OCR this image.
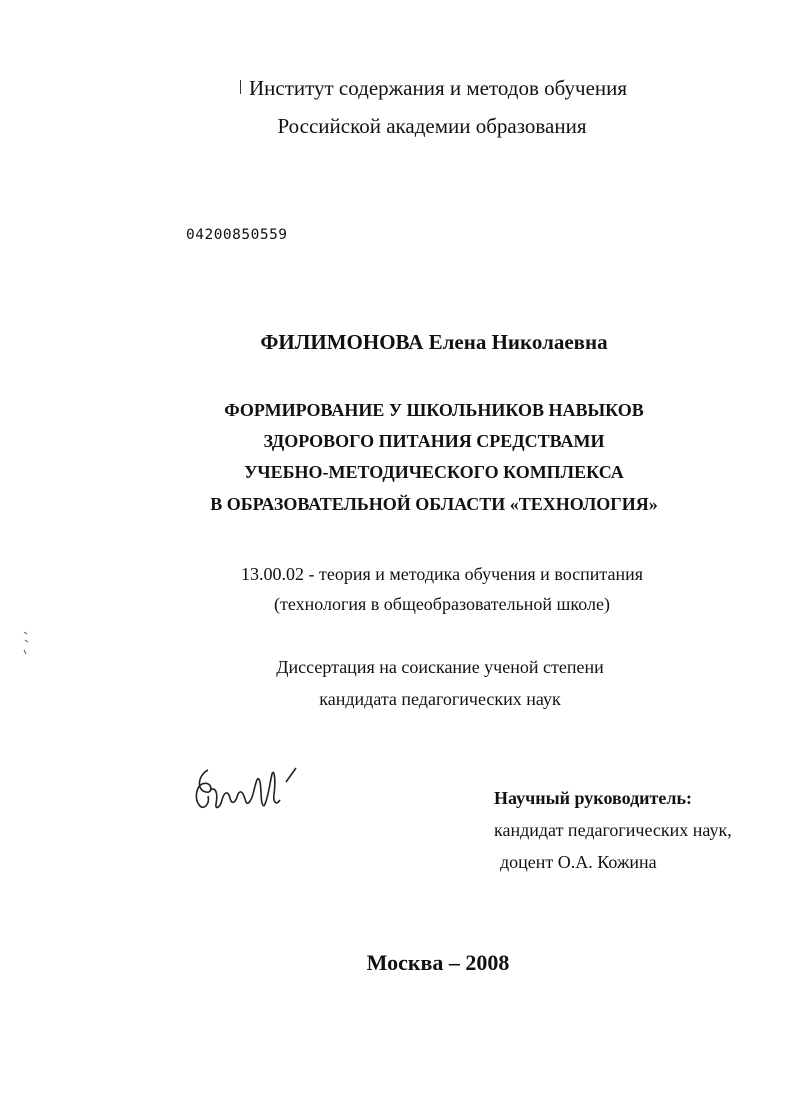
Институт содержания и методов обучения
Российской академии образования
04200850559
ФИЛИМОНОВА Елена Николаевна
ФОРМИРОВАНИЕ У ШКОЛЬНИКОВ НАВЫКОВ
ЗДОРОВОГО ПИТАНИЯ СРЕДСТВАМИ
УЧЕБНО-МЕТОДИЧЕСКОГО КОМПЛЕКСА
В ОБРАЗОВАТЕЛЬНОЙ ОБЛАСТИ «ТЕХНОЛОГИЯ»
13.00.02 - теория и методика обучения и воспитания
(технология в общеобразовательной школе)
Диссертация на соискание ученой степени
кандидата педагогических наук
Научный руководитель:
кандидат педагогических наук,
доцент О.А. Кожина
Москва – 2008
